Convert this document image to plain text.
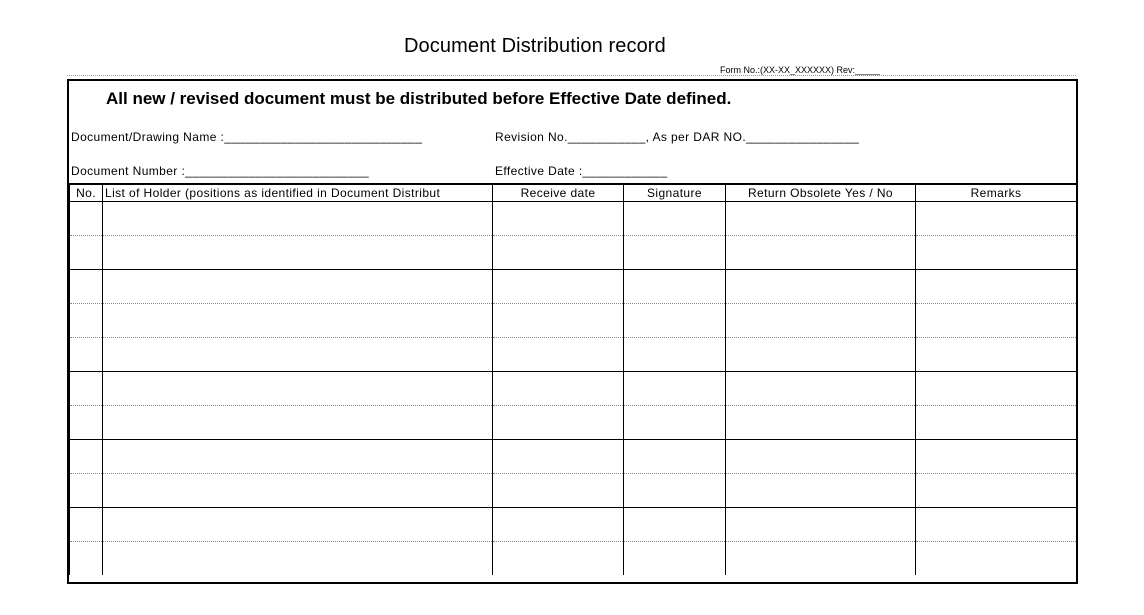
Document Distribution record
Form No.:(XX-XX_XXXXXX) Rev:_____
All new / revised document must be distributed before Effective Date defined.
Document/Drawing Name :____________________________	Revision No.___________, As per DAR NO.________________
Document Number :__________________________	Effective Date :____________
No.	List of Holder (positions as identified in Document Distribut	Receive date	Signature	Return Obsolete Yes / No	Remarks
